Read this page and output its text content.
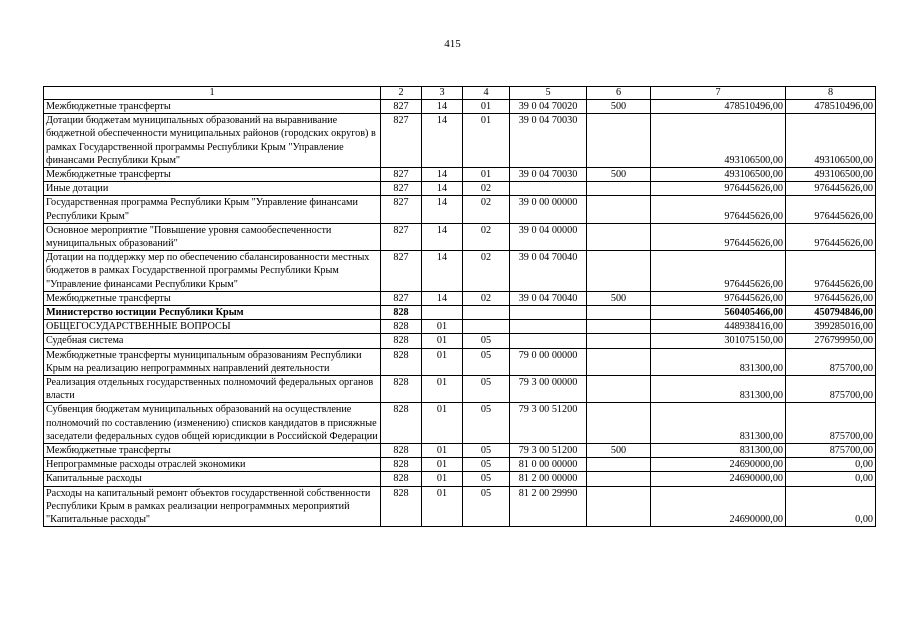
415
1	2	3	4	5	6	7	8
Межбюджетные трансферты	827	14	01	39 0 04 70020	500	478510496,00	478510496,00
Дотации бюджетам муниципальных образований на выравнивание бюджетной обеспеченности муниципальных районов (городских округов) в рамках Государственной программы Республики Крым "Управление финансами Республики Крым"	827	14	01	39 0 04 70030		493106500,00	493106500,00
Межбюджетные трансферты	827	14	01	39 0 04 70030	500	493106500,00	493106500,00
Иные дотации	827	14	02			976445626,00	976445626,00
Государственная программа Республики Крым "Управление финансами Республики Крым"	827	14	02	39 0 00 00000		976445626,00	976445626,00
Основное мероприятие "Повышение уровня самообеспеченности муниципальных образований"	827	14	02	39 0 04 00000		976445626,00	976445626,00
Дотации на поддержку мер по обеспечению сбалансированности местных бюджетов в рамках Государственной программы Республики Крым "Управление финансами Республики Крым"	827	14	02	39 0 04 70040		976445626,00	976445626,00
Межбюджетные трансферты	827	14	02	39 0 04 70040	500	976445626,00	976445626,00
Министерство юстиции Республики Крым	828					560405466,00	450794846,00
ОБЩЕГОСУДАРСТВЕННЫЕ ВОПРОСЫ	828	01				448938416,00	399285016,00
Судебная система	828	01	05			301075150,00	276799950,00
Межбюджетные трансферты муниципальным образованиям Республики Крым на реализацию непрограммных направлений деятельности	828	01	05	79 0 00 00000		831300,00	875700,00
Реализация отдельных государственных полномочий федеральных органов власти	828	01	05	79 3 00 00000		831300,00	875700,00
Субвенция бюджетам муниципальных образований на осуществление полномочий по составлению (изменению) списков кандидатов в присяжные заседатели федеральных судов общей юрисдикции в Российской Федерации	828	01	05	79 3 00 51200		831300,00	875700,00
Межбюджетные трансферты	828	01	05	79 3 00 51200	500	831300,00	875700,00
Непрограммные расходы отраслей экономики	828	01	05	81 0 00 00000		24690000,00	0,00
Капитальные расходы	828	01	05	81 2 00 00000		24690000,00	0,00
Расходы на капитальный ремонт объектов государственной собственности Республики Крым в рамках реализации непрограммных мероприятий "Капитальные расходы"	828	01	05	81 2 00 29990		24690000,00	0,00
